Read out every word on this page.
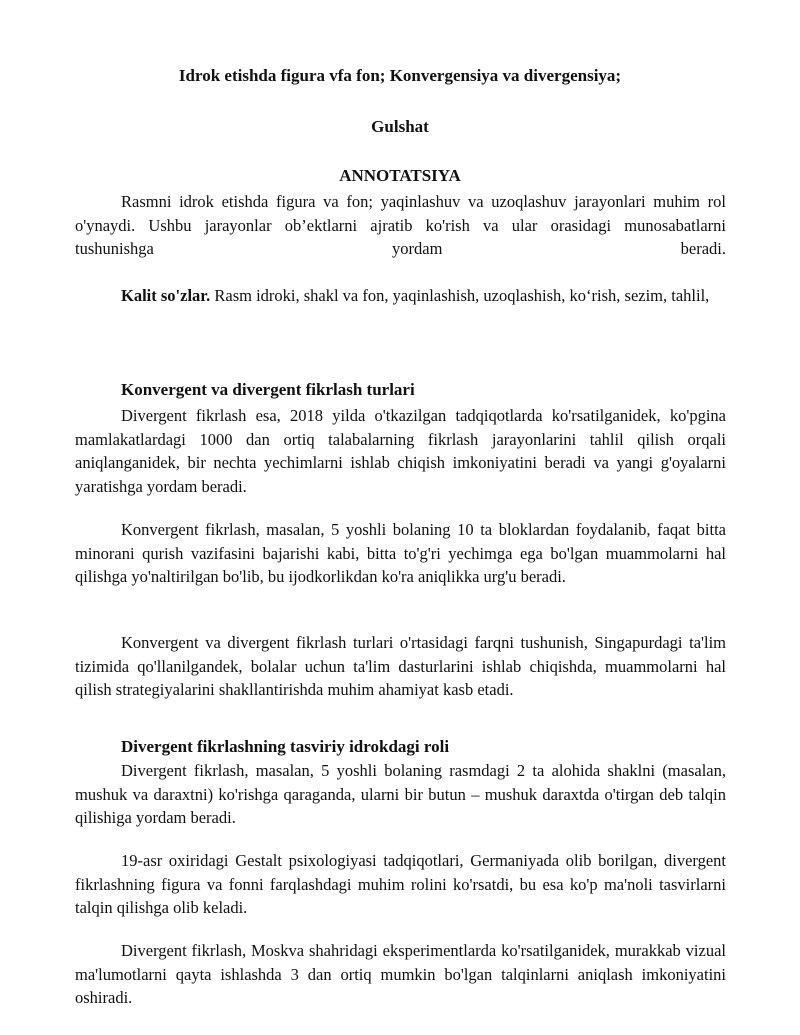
Idrok etishda figura vfa fon; Konvergensiya va divergensiya;
Gulshat
ANNOTATSIYA
Rasmni idrok etishda figura va fon; yaqinlashuv va uzoqlashuv jarayonlari muhim rol o'ynaydi. Ushbu jarayonlar ob’ektlarni ajratib ko'rish va ular orasidagi munosabatlarni tushunishga yordam beradi.
Kalit so'zlar. Rasm idroki, shakl va fon, yaqinlashish, uzoqlashish, ko‘rish, sezim, tahlil,
Konvergent va divergent fikrlash turlari
Divergent fikrlash esa, 2018 yilda o'tkazilgan tadqiqotlarda ko'rsatilganidek, ko'pgina mamlakatlardagi 1000 dan ortiq talabalarning fikrlash jarayonlarini tahlil qilish orqali aniqlanganidek, bir nechta yechimlarni ishlab chiqish imkoniyatini beradi va yangi g'oyalarni yaratishga yordam beradi.
Konvergent fikrlash, masalan, 5 yoshli bolaning 10 ta bloklardan foydalanib, faqat bitta minorani qurish vazifasini bajarishi kabi, bitta to'g'ri yechimga ega bo'lgan muammolarni hal qilishga yo'naltirilgan bo'lib, bu ijodkorlikdan ko'ra aniqlikka urg'u beradi.
Konvergent va divergent fikrlash turlari o'rtasidagi farqni tushunish, Singapurdagi ta'lim tizimida qo'llanilgandek, bolalar uchun ta'lim dasturlarini ishlab chiqishda, muammolarni hal qilish strategiyalarini shakllantirishda muhim ahamiyat kasb etadi.
Divergent fikrlashning tasviriy idrokdagi roli
Divergent fikrlash, masalan, 5 yoshli bolaning rasmdagi 2 ta alohida shaklni (masalan, mushuk va daraxtni) ko'rishga qaraganda, ularni bir butun – mushuk daraxtda o'tirgan deb talqin qilishiga yordam beradi.
19-asr oxiridagi Gestalt psixologiyasi tadqiqotlari, Germaniyada olib borilgan, divergent fikrlashning figura va fonni farqlashdagi muhim rolini ko'rsatdi, bu esa ko'p ma'noli tasvirlarni talqin qilishga olib keladi.
Divergent fikrlash, Moskva shahridagi eksperimentlarda ko'rsatilganidek, murakkab vizual ma'lumotlarni qayta ishlashda 3 dan ortiq mumkin bo'lgan talqinlarni aniqlash imkoniyatini oshiradi.
